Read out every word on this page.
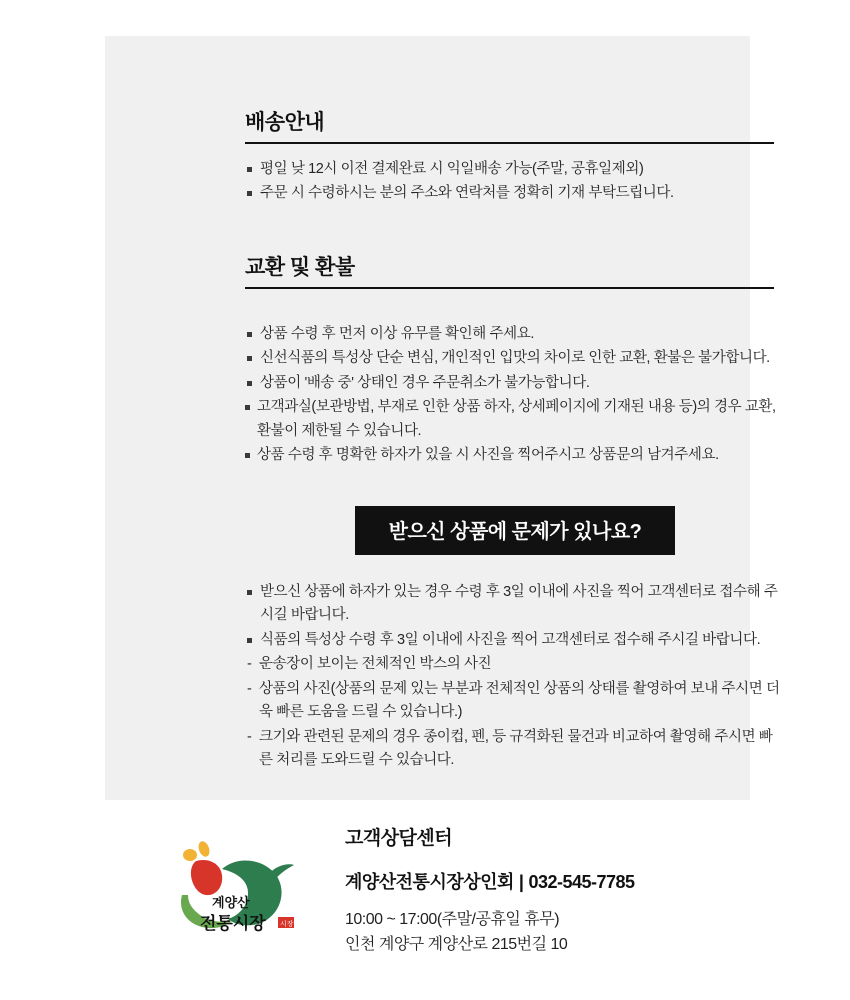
배송안내
평일 낮 12시 이전 결제완료 시 익일배송 가능(주말, 공휴일제외)
주문 시 수령하시는 분의 주소와 연락처를 정확히 기재 부탁드립니다.
교환 및 환불
상품 수령 후 먼저 이상 유무를 확인해 주세요.
신선식품의 특성상 단순 변심, 개인적인 입맛의 차이로 인한 교환, 환불은 불가합니다.
상품이 '배송 중' 상태인 경우 주문취소가 불가능합니다.
고객과실(보관방법, 부재로 인한 상품 하자, 상세페이지에 기재된 내용 등)의 경우 교환, 환불이 제한될 수 있습니다.
상품 수령 후 명확한 하자가 있을 시 사진을 찍어주시고 상품문의 남겨주세요.
받으신 상품에 문제가 있나요?
받으신 상품에 하자가 있는 경우 수령 후 3일 이내에 사진을 찍어 고객센터로 접수해 주시길 바랍니다.
식품의 특성상 수령 후 3일 이내에 사진을 찍어 고객센터로 접수해 주시길 바랍니다.
- 운송장이 보이는 전체적인 박스의 사진
- 상품의 사진(상품의 문제 있는 부분과 전체적인 상품의 상태를 촬영하여 보내 주시면 더욱 빠른 도움을 드릴 수 있습니다.)
- 크기와 관련된 문제의 경우 종이컵, 펜, 등 규격화된 물건과 비교하여 촬영해 주시면 빠른 처리를 도와드릴 수 있습니다.
계양산
전통시장 시장
고객상담센터
계양산전통시장상인회 | 032-545-7785
10:00 ~ 17:00(주말/공휴일 휴무)
인천 계양구 계양산로 215번길 10
